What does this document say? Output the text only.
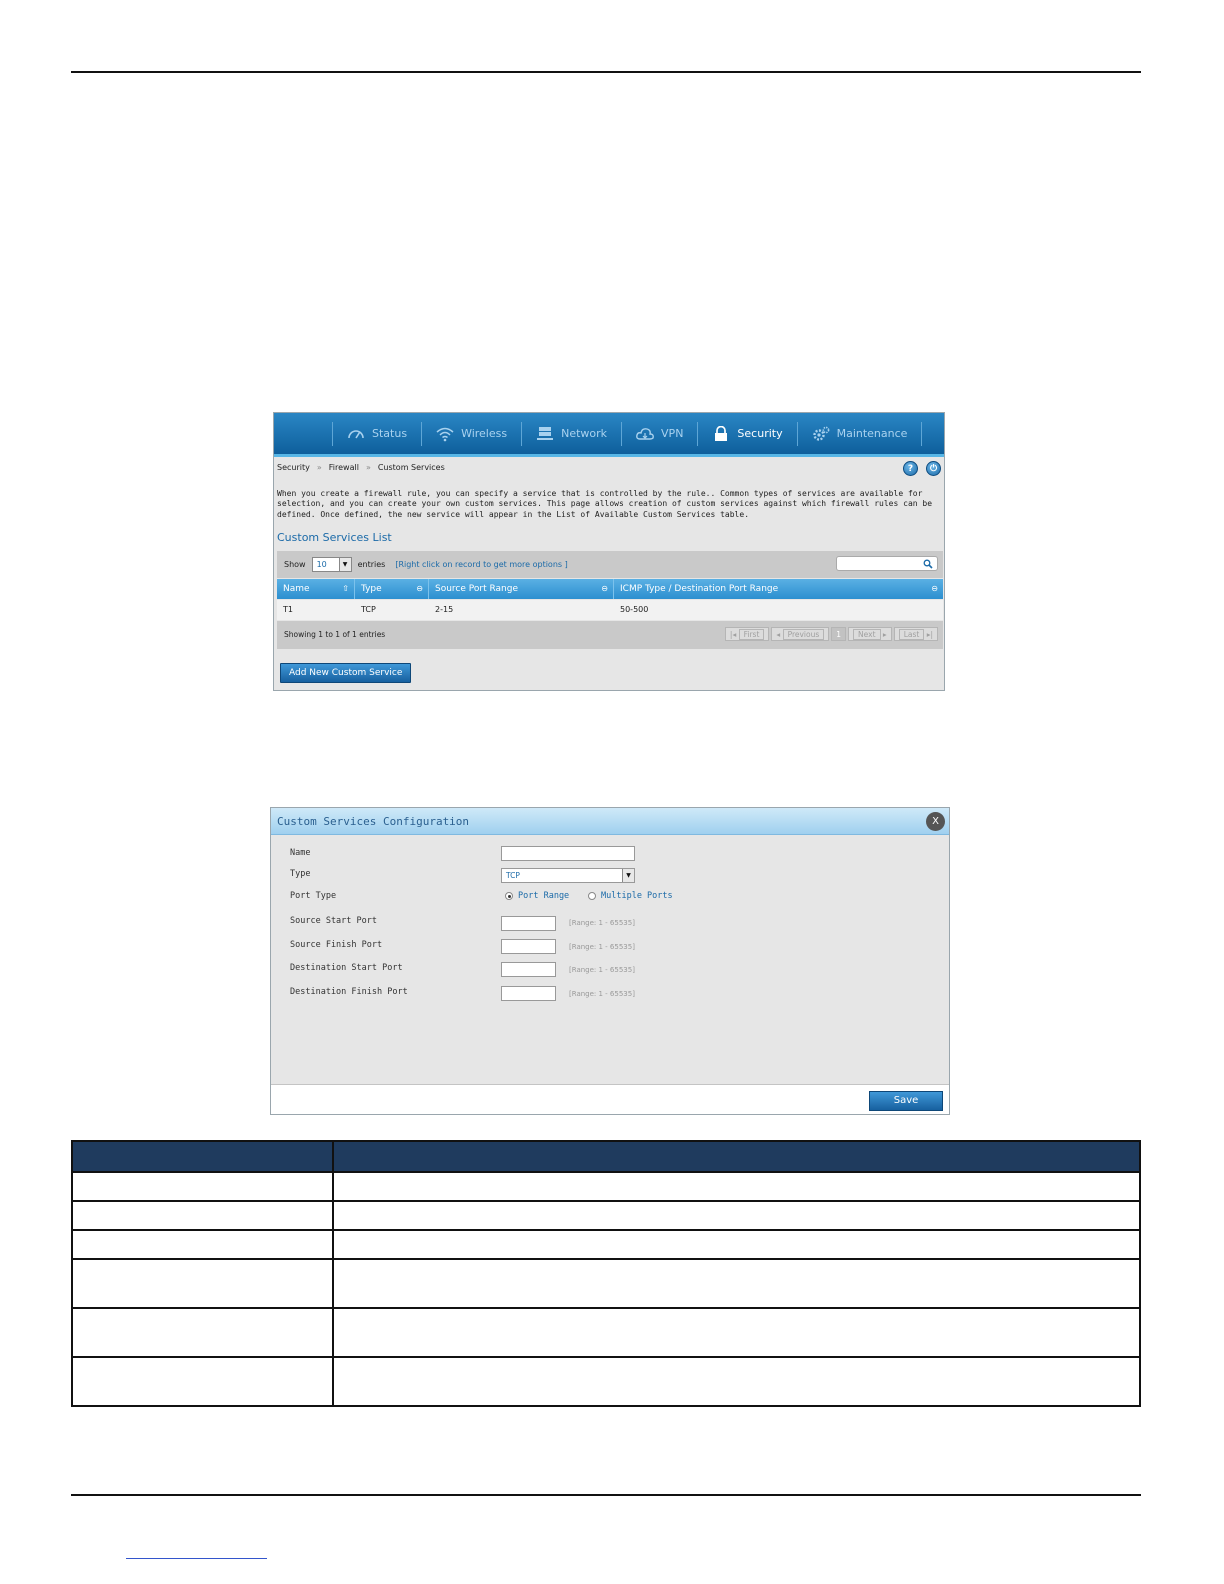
Status	Wireless	Network	VPN	Security	Maintenance
Security » Firewall » Custom Services	?	⏻
When you create a firewall rule, you can specify a service that is controlled by the rule.. Common types of services are available for selection, and you can create your own custom services. This page allows creation of custom services against which firewall rules can be defined. Once defined, the new service will appear in the List of Available Custom Services table.
Custom Services List
Show	10	▼	entries [Right click on record to get more options ]
Name	⇧	Type	⊖	Source Port Range	⊖	ICMP Type / Destination Port Range	⊖
T1	TCP	2-15	50-500
Showing 1 to 1 of 1 entries	|◂ First	◂ Previous	1	Next ▸	Last ▸|
Add New Custom Service
Custom Services Configuration	X
Name
Type	TCP	▼
Port Type	Port Range	Multiple Ports
Source Start Port	[Range: 1 - 65535]
Source Finish Port	[Range: 1 - 65535]
Destination Start Port	[Range: 1 - 65535]
Destination Finish Port	[Range: 1 - 65535]
Save
